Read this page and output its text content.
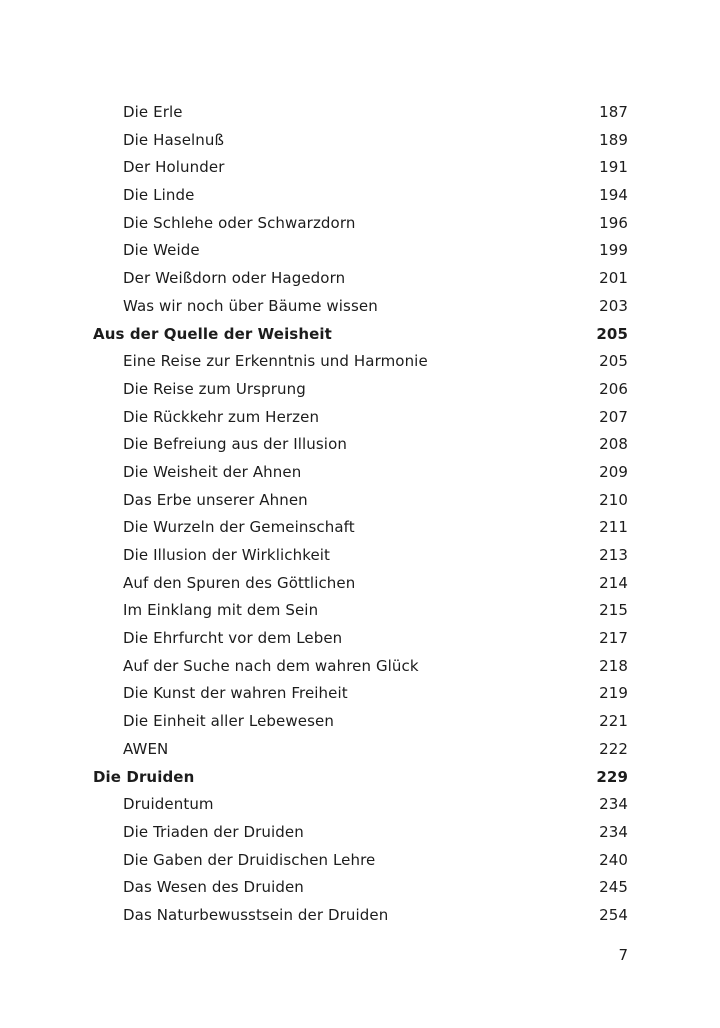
Die Erle	187
Die Haselnuß	189
Der Holunder	191
Die Linde	194
Die Schlehe oder Schwarzdorn	196
Die Weide	199
Der Weißdorn oder Hagedorn	201
Was wir noch über Bäume wissen	203
Aus der Quelle der Weisheit	205
Eine Reise zur Erkenntnis und Harmonie	205
Die Reise zum Ursprung	206
Die Rückkehr zum Herzen	207
Die Befreiung aus der Illusion	208
Die Weisheit der Ahnen	209
Das Erbe unserer Ahnen	210
Die Wurzeln der Gemeinschaft	211
Die Illusion der Wirklichkeit	213
Auf den Spuren des Göttlichen	214
Im Einklang mit dem Sein	215
Die Ehrfurcht vor dem Leben	217
Auf der Suche nach dem wahren Glück	218
Die Kunst der wahren Freiheit	219
Die Einheit aller Lebewesen	221
AWEN	222
Die Druiden	229
Druidentum	234
Die Triaden der Druiden	234
Die Gaben der Druidischen Lehre	240
Das Wesen des Druiden	245
Das Naturbewusstsein der Druiden	254
7
